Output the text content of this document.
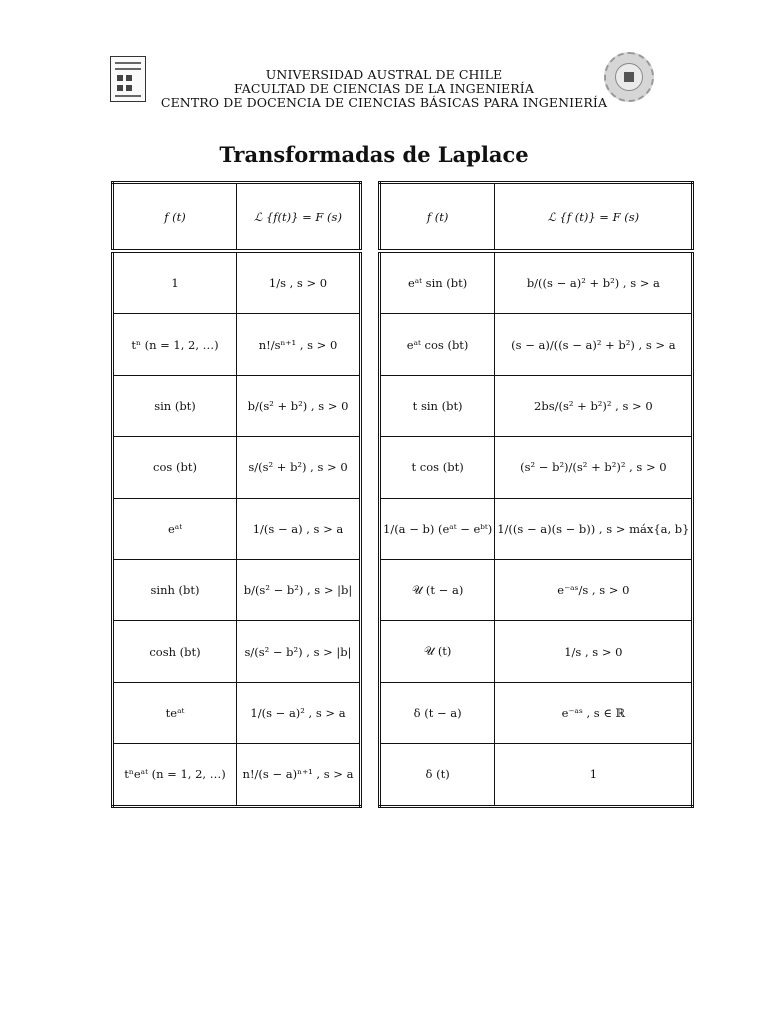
UNIVERSIDAD AUSTRAL DE CHILE
FACULTAD DE CIENCIAS DE LA INGENIERÍA
CENTRO DE DOCENCIA DE CIENCIAS BÁSICAS PARA INGENIERÍA
Transformadas de Laplace
f (t)	ℒ {f(t)} = F (s)
1	1/s , s > 0
tⁿ (n = 1, 2, …)	n!/sⁿ⁺¹ , s > 0
sin (bt)	b/(s² + b²) , s > 0
cos (bt)	s/(s² + b²) , s > 0
eᵃᵗ	1/(s − a) , s > a
sinh (bt)	b/(s² − b²) , s > |b|
cosh (bt)	s/(s² − b²) , s > |b|
teᵃᵗ	1/(s − a)² , s > a
tⁿeᵃᵗ (n = 1, 2, …)	n!/(s − a)ⁿ⁺¹ , s > a
f (t)	ℒ {f (t)} = F (s)
eᵃᵗ sin (bt)	b/((s − a)² + b²) , s > a
eᵃᵗ cos (bt)	(s − a)/((s − a)² + b²) , s > a
t sin (bt)	2bs/(s² + b²)² , s > 0
t cos (bt)	(s² − b²)/(s² + b²)² , s > 0
1/(a − b) (eᵃᵗ − eᵇᵗ)	1/((s − a)(s − b)) , s > máx{a, b}
𝒰 (t − a)	e⁻ᵃˢ/s , s > 0
𝒰 (t)	1/s , s > 0
δ (t − a)	e⁻ᵃˢ , s ∈ ℝ
δ (t)	1
